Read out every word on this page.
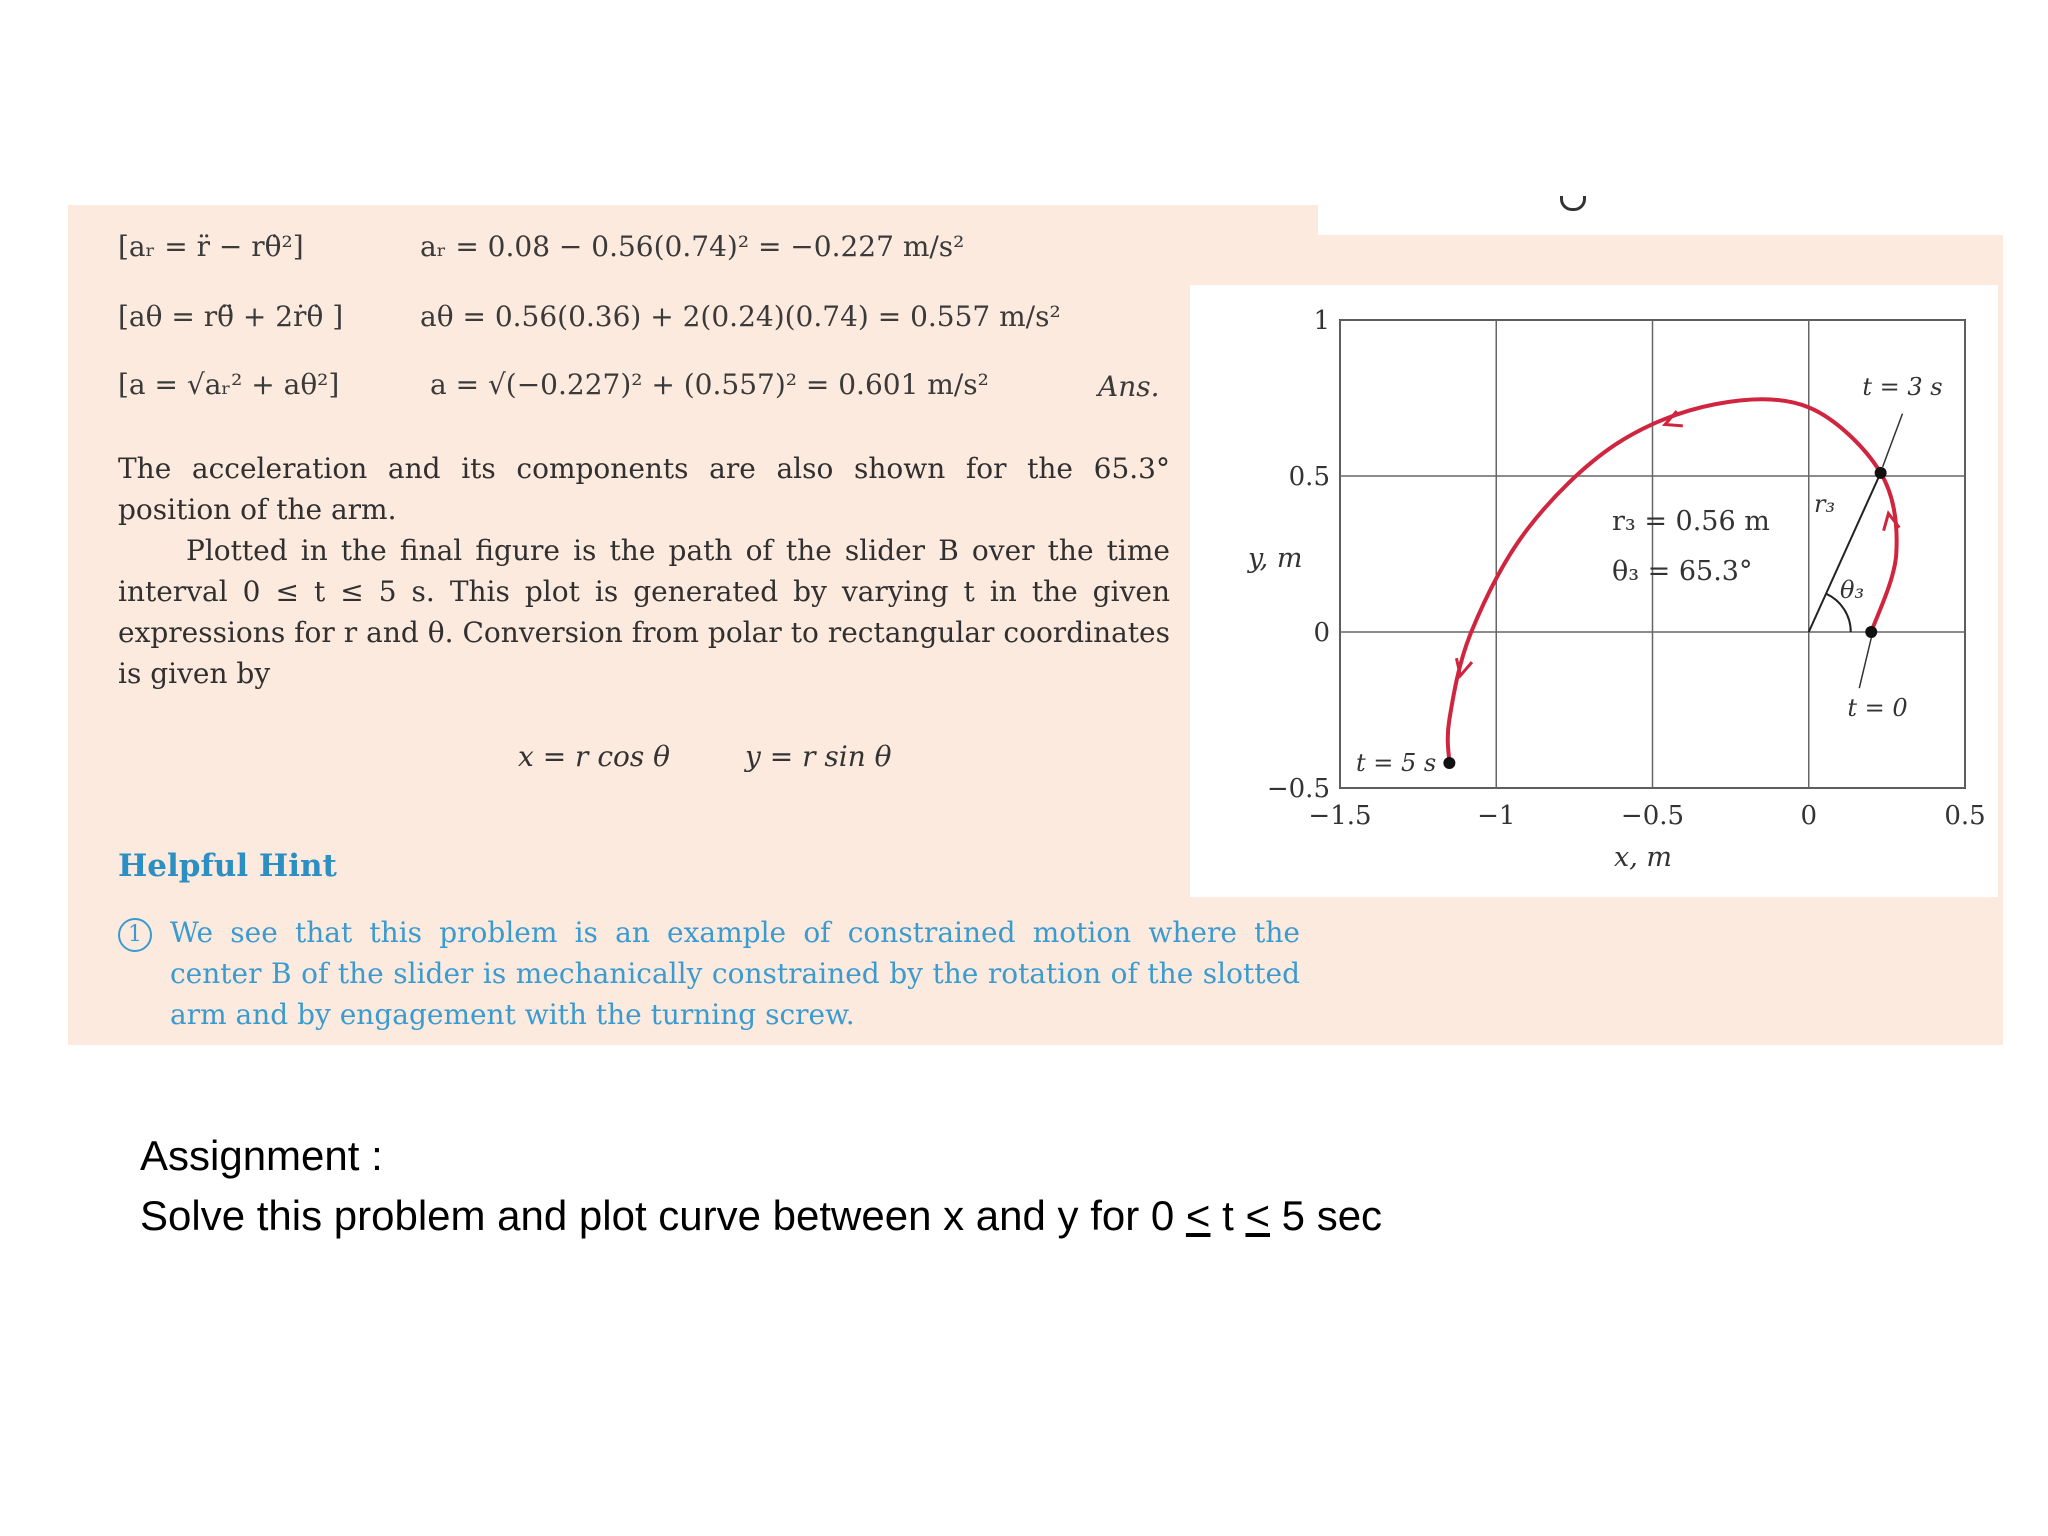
[aᵣ = r̈ − rθ̇²]	aᵣ = 0.08 − 0.56(0.74)² = −0.227 m/s²
[aθ = rθ̈ + 2ṙθ̇ ]	aθ = 0.56(0.36) + 2(0.24)(0.74) = 0.557 m/s²
[a = √aᵣ² + aθ²]	a = √(−0.227)² + (0.557)² = 0.601 m/s²	Ans.

The acceleration and its components are also shown for the 65.3° position of the arm.

Plotted in the final figure is the path of the slider B over the time interval 0 ≤ t ≤ 5 s. This plot is generated by varying t in the given expressions for r and θ. Conversion from polar to rectangular coordinates is given by

x = r cos θ	y = r sin θ
Helpful Hint
1	We see that this problem is an example of constrained motion where the center B of the slider is mechanically constrained by the rotation of the slotted arm and by engagement with the turning screw.
−1.5	−1	−0.5	0	0.5
−0.5
0
0.5
1
y, m
x, m
t = 0
t = 3 s
t = 5 s
r₃ = 0.56 m
θ₃ = 65.3°
r₃
θ₃
Assignment :
Solve this problem and plot curve between x and y for 0 ≤ t ≤ 5 sec
